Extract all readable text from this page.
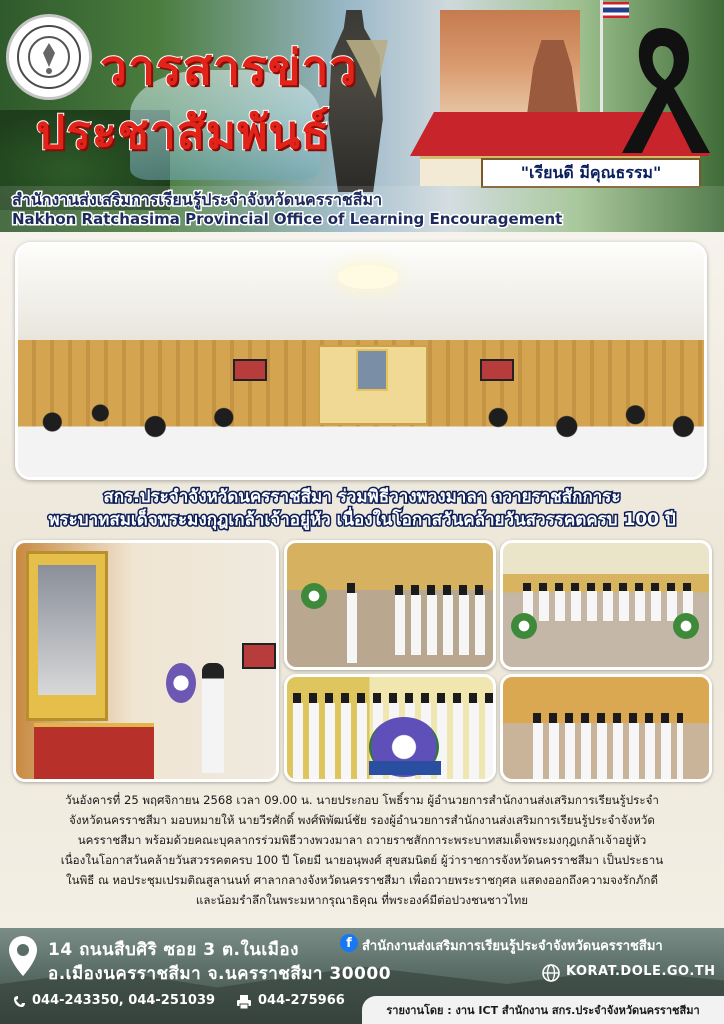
วารสารข่าว
ประชาสัมพันธ์
"เรียนดี มีคุณธรรม"
สำนักงานส่งเสริมการเรียนรู้ประจำจังหวัดนครราชสีมา
Nakhon Ratchasima Provincial Office of Learning Encouragement
สกร.ประจำจังหวัดนครราชสีมา ร่วมพิธีวางพวงมาลา ถวายราชสักการะ
พระบาทสมเด็จพระมงกุฎเกล้าเจ้าอยู่หัว เนื่องในโอกาสวันคล้ายวันสวรรคตครบ 100 ปี

วันอังคารที่ 25 พฤศจิกายน 2568 เวลา 09.00 น. นายประกอบ โพธิ์ราม ผู้อำนวยการสำนักงานส่งเสริมการเรียนรู้ประจำ

จังหวัดนครราชสีมา มอบหมายให้ นายวีรศักดิ์ พงศ์พิพัฒน์ชัย รองผู้อำนวยการสำนักงานส่งเสริมการเรียนรู้ประจำจังหวัด

นครราชสีมา พร้อมด้วยคณะบุคลากรร่วมพิธีวางพวงมาลา ถวายราชสักการะพระบาทสมเด็จพระมงกุฎเกล้าเจ้าอยู่หัว

เนื่องในโอกาสวันคล้ายวันสวรรคตครบ 100 ปี โดยมี นายอนุพงศ์ สุขสมนิตย์ ผู้ว่าราชการจังหวัดนครราชสีมา เป็นประธาน

ในพิธี ณ หอประชุมเปรมติณสูลานนท์ ศาลากลางจังหวัดนครราชสีมา เพื่อถวายพระราชกุศล แสดงออกถึงความจงรักภักดี

และน้อมรำลึกในพระมหากรุณาธิคุณ ที่พระองค์มีต่อปวงชนชาวไทย

14 ถนนสืบศิริ ซอย 3 ต.ในเมือง
อ.เมืองนครราชสีมา จ.นครราชสีมา 30000
f สำนักงานส่งเสริมการเรียนรู้ประจำจังหวัดนครราชสีมา
KORAT.DOLE.GO.TH
044-243350, 044-251039	044-275966
รายงานโดย : งาน ICT สำนักงาน สกร.ประจำจังหวัดนครราชสีมา
